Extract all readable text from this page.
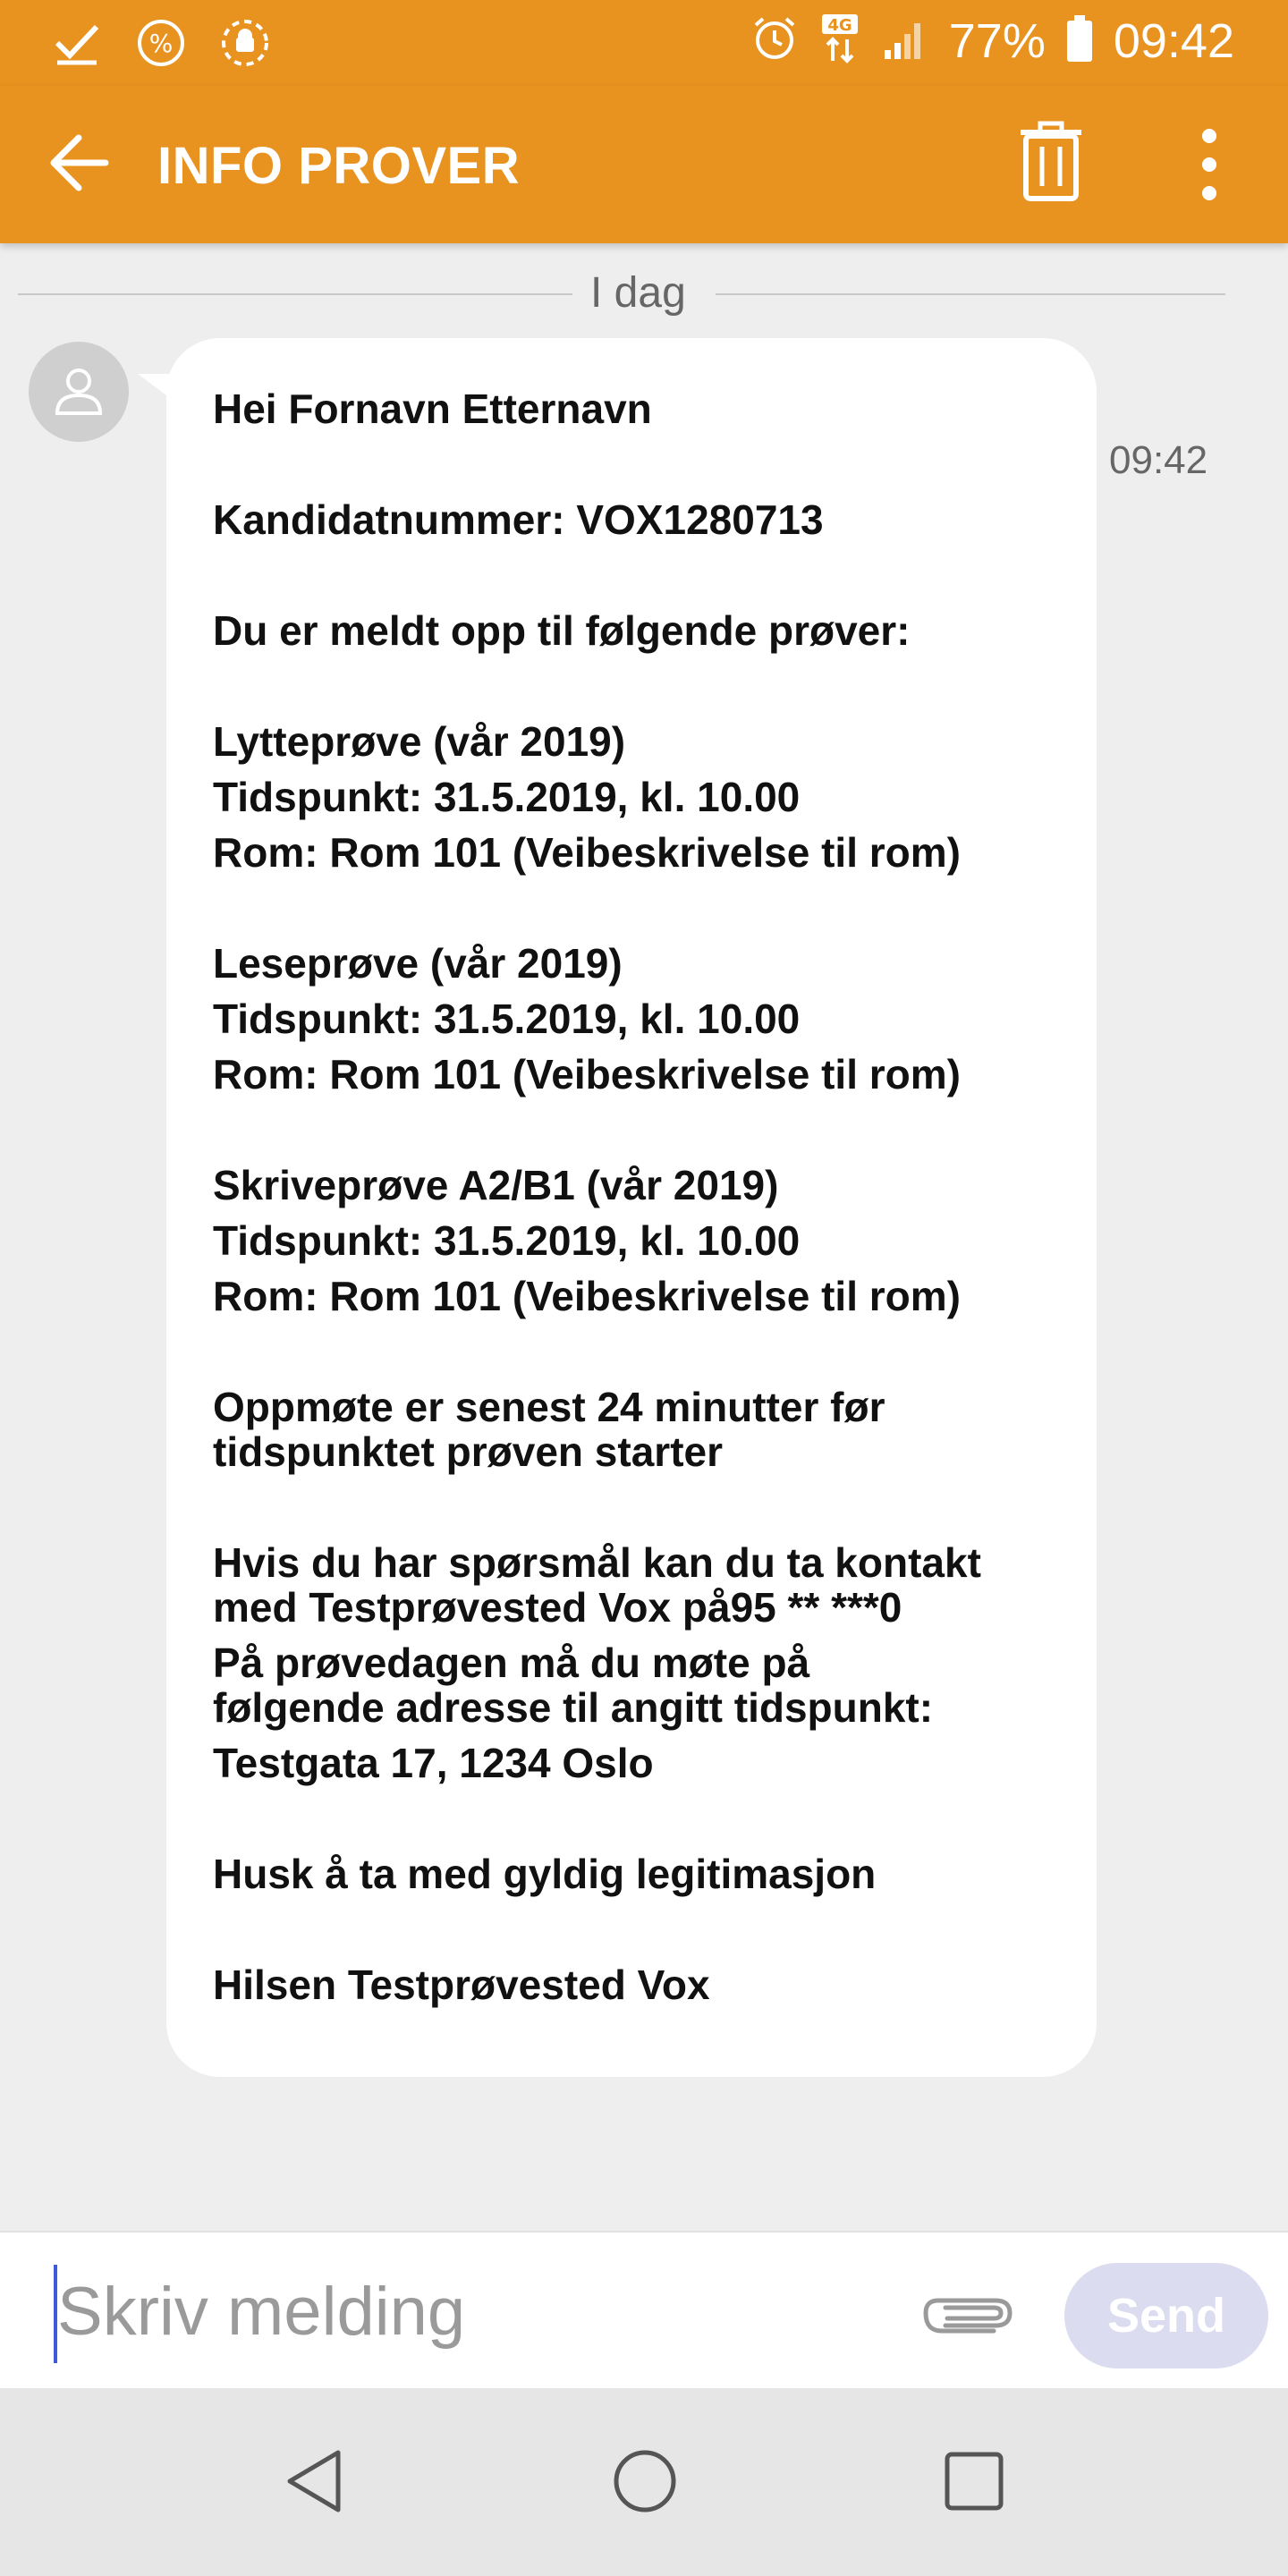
%
4G 77% 09:42
INFO PROVER
I dag
Hei Fornavn Etternavn
Kandidatnummer: VOX1280713
Du er meldt opp til følgende prøver:
Lytteprøve (vår 2019)
Tidspunkt: 31.5.2019, kl. 10.00
Rom: Rom 101 (Veibeskrivelse til rom)
Leseprøve (vår 2019)
Tidspunkt: 31.5.2019, kl. 10.00
Rom: Rom 101 (Veibeskrivelse til rom)
Skriveprøve A2/B1 (vår 2019)
Tidspunkt: 31.5.2019, kl. 10.00
Rom: Rom 101 (Veibeskrivelse til rom)
Oppmøte er senest 24 minutter før
tidspunktet prøven starter
Hvis du har spørsmål kan du ta kontakt
med Testprøvested Vox på95 ** ***0
På prøvedagen må du møte på
følgende adresse til angitt tidspunkt:
Testgata 17, 1234 Oslo
Husk å ta med gyldig legitimasjon
Hilsen Testprøvested Vox
09:42
Skriv melding	Send
